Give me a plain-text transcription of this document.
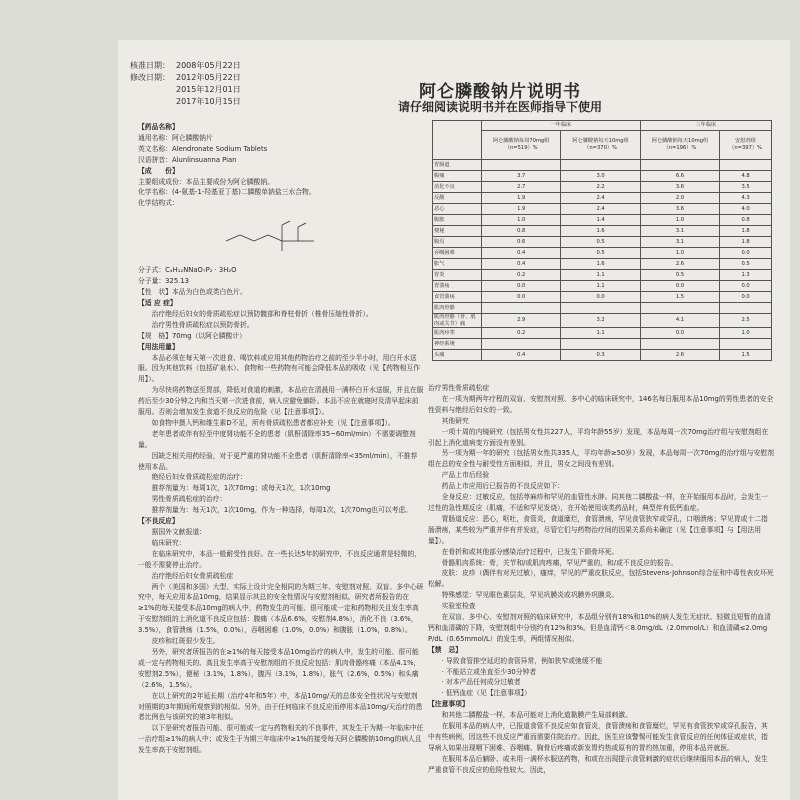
核准日期： 2008年05月22日
修改日期： 2012年05月22日
2015年12月01日
2017年10月15日	阿仑膦酸钠片说明书
请仔细阅读说明书并在医师指导下使用

【药品名称】

通用名称：阿仑膦酸钠片

英文名称：Alendronate Sodium Tablets

汉语拼音：Alunlinsuanna Pian

【成　　份】

主要组成成份：本品主要成份为阿仑膦酸钠。

化学名称：(4-氨基-1-羟基亚丁基)二膦酸单钠盐三水合物。

化学结构式：

分子式：C₄H₁₂NNaO₇P₂ · 3H₂O

分子量：325.13

【性　状】本品为白色或类白色片。

【适 应 症】

治疗绝经后妇女的骨质疏松症以预防髋部和脊柱骨折（椎骨压缩性骨折）。

治疗男性骨质疏松症以预防骨折。

【规　格】70mg（以阿仑膦酸计）

【用法用量】

本品必须在每天第一次进食、喝饮料或应用其他药物治疗之前的至少半小时，用白开水送服。因为其他饮料（包括矿泉水）、食物和一些药物有可能会降低本品的吸收（见【药物相互作用】）。

为尽快将药物送至胃部，降低对食道的刺激，本品应在清晨用一满杯白开水送服，并且在服药后至少30分钟之内和当天第一次进食前，病人应避免躺卧。本品不应在就寝时及清早起床前服用。否则会增加发生食道不良反应的危险（见【注意事项】）。

如食物中摄入钙和维生素D不足，所有骨质疏松患者都应补充（见【注意事项】）。

老年患者或伴有轻至中度肾功能不全的患者（肌酐清除率35~60ml/min）不需要调整剂量。

因缺乏相关用药经验，对于更严重的肾功能不全患者（肌酐清除率<35ml/min），不推荐使用本品。

绝经后妇女骨质疏松症的治疗：

推荐剂量为：每周1次，1次70mg；或每天1次，1次10mg

男性骨质疏松症的治疗：

推荐剂量为：每天1次，1次10mg，作为一种选择，每周1次，1次70mg也可以考虑。

【不良反应】

据国外文献报道：

临床研究：

在临床研究中，本品一般耐受性良好。在一些长达5年的研究中，不良反应通常是轻微的，一般不需要停止治疗。

治疗绝经后妇女骨质疏松症

两个（美国和多国）大型、实际上设计完全相同的为期三年、安慰剂对照、双盲、多中心研究中，每天应用本品10mg，结果显示其总的安全性情况与安慰剂相似。研究者所报告的在≥1%的每天接受本品10mg的病人中，药物发生的可能、很可能或一定和药物相关且发生率高于安慰剂组的上消化道不良反应包括：腹痛（本品6.6%，安慰剂4.8%），消化不良（3.6%，3.5%），食管溃疡（1.5%，0.0%），吞咽困难（1.0%，0.0%）和腹胀（1.0%，0.8%）。

皮疹和红斑很少发生。

另外，研究者所报告的在≥1%的每天接受本品10mg治疗的病人中，发生的可能、很可能或一定与药物相关的、高且发生率高于安慰剂组的不良反应包括：肌肉骨骼疼痛（本品4.1%，安慰剂2.5%），便秘（3.1%，1.8%），腹泻（3.1%，1.8%），胀气（2.6%，0.5%）和头痛（2.6%，1.5%）。

在以上研究的2年延长期（治疗4年和5年）中，本品10mg/天的总体安全性状况与安慰剂对照期的3年期间所观察到的相似。另外，由于任何临床不良反应而停用本品10mg/天治疗的患者比例也与该研究的第3年相似。

以下是研究者报告可能、很可能或一定与药物相关的不良事件，其发生于为期一年临床中任一治疗组≥1%的病人中；或发生于为期三年临床中≥1%的接受每天阿仑膦酸钠10mg的病人且发生率高于安慰剂组。

	一年临床		三年临床	
	阿仑膦酸钠每周70mg组（n=519）%	阿仑膦酸钠每天10mg组（n=370）%	阿仑膦酸钠每天10mg组（n=196）%	安慰剂组（n=397）%
胃肠道				
腹痛	3.7	3.0	6.6	4.8
消化不良	2.7	2.2	3.6	3.5
反酸	1.9	2.4	2.0	4.3
恶心	1.9	2.4	3.6	4.0
腹胀	1.0	1.4	1.0	0.8
便秘	0.8	1.6	3.1	1.8
腹泻	0.6	0.5	3.1	1.8
吞咽困难	0.4	0.5	1.0	0.0
胀气	0.4	1.6	2.6	0.5
胃炎	0.2	1.1	0.5	1.3
胃溃疡	0.0	1.1	0.0	0.0
食管溃疡	0.0	0.0	1.5	0.0
肌肉骨骼				
肌肉骨骼（骨、肌肉或关节）痛	2.9	3.2	4.1	2.5
肌肉痉挛	0.2	1.1	0.0	1.0
神经系统				
头痛	0.4	0.3	2.6	1.5

治疗男性骨质疏松症

在一项为期两年疗程的双盲、安慰剂对照、多中心的临床研究中，146名每日服用本品10mg的男性患者的安全性资料与绝经后妇女的一致。

其他研究

一项十周的内镜研究（包括男女性共227人，平均年龄55岁）发现，本品每周一次70mg治疗组与安慰剂组在引起上消化道病变方面没有差别。

另一项为期一年的研究（包括男女性共335人，平均年龄≥50岁）发现，本品每周一次70mg的治疗组与安慰剂组在总的安全性与耐受性方面相似，并且，男女之间没有差别。

产品上市后经验

药品上市应用后已报告的不良反应如下：

全身反应：过敏反应，包括荨麻疹和罕见的血管性水肿。同其他二膦酸盐一样，在开始服用本品时，会发生一过性的急性期反应（肌痛，不适和罕见发烧），在开始使用该类药品时，典型伴有低钙血症。

胃肠道反应：恶心，呕吐，食管炎，食道糜烂，食管溃疡，罕见食管狭窄或穿孔，口咽溃疡；罕见胃或十二指肠溃疡，某些较为严重并伴有并发症，尽管它们与药物治疗间的因果关系尚未确定（见【注意事项】与【用法用量】）。

在骨折和或其他部分感染治疗过程中，已发生下颌骨坏死。

骨骼肌肉系统：骨，关节和/或肌肉疼痛，罕见严重的，和/或不良反应的报告。

皮肤：皮疹（偶伴有对光过敏），瘙痒，罕见的严重皮肤反应，包括Stevens-Johnson综合征和中毒性表皮坏死松解。

特殊感觉：罕见眼色素层炎，罕见巩膜炎或巩膜外巩膜炎。

实验室检查

在双盲、多中心、安慰剂对照的临床研究中，本品组分别有18%和10%的病人发生无症状、轻微且短暂的血清钙和血清磷的下降，安慰剂组中分别约有12%和3%。但是血清钙＜8.0mg/dL（2.0mmol/L）和血清磷≤2.0mg P/dL（0.65mmol/L）的发生率，两组情况相似。

【禁　忌】

· 导致食管排空延迟的食管异常，例如狭窄或弛缓不能

· 不能站立或坐直至少30分钟者

· 对本产品任何成分过敏者

· 低钙血症（见【注意事项】）

【注意事项】

和其他二膦酸盐一样，本品可能对上消化道黏膜产生局部刺激。

在服用本品的病人中，已报道食管不良反应如食管炎，食管溃疡和食管糜烂，罕见有食管狭窄或穿孔报告，其中有些病例，因这些不良反应严重而需要住院治疗。因此，医生应该警惕可能发生食管反应的任何体征或症状，指导病人如果出现咽下困难、吞咽痛、胸骨后疼痛或新发胃灼热或原有的胃灼热加重，停用本品并就医。

在服用本品后躺卧、或未用一满杯水服送药物，和或在出现提示食管刺激的症状后继续服用本品的病人，发生严重食管不良反应的危险性较大。因此，
